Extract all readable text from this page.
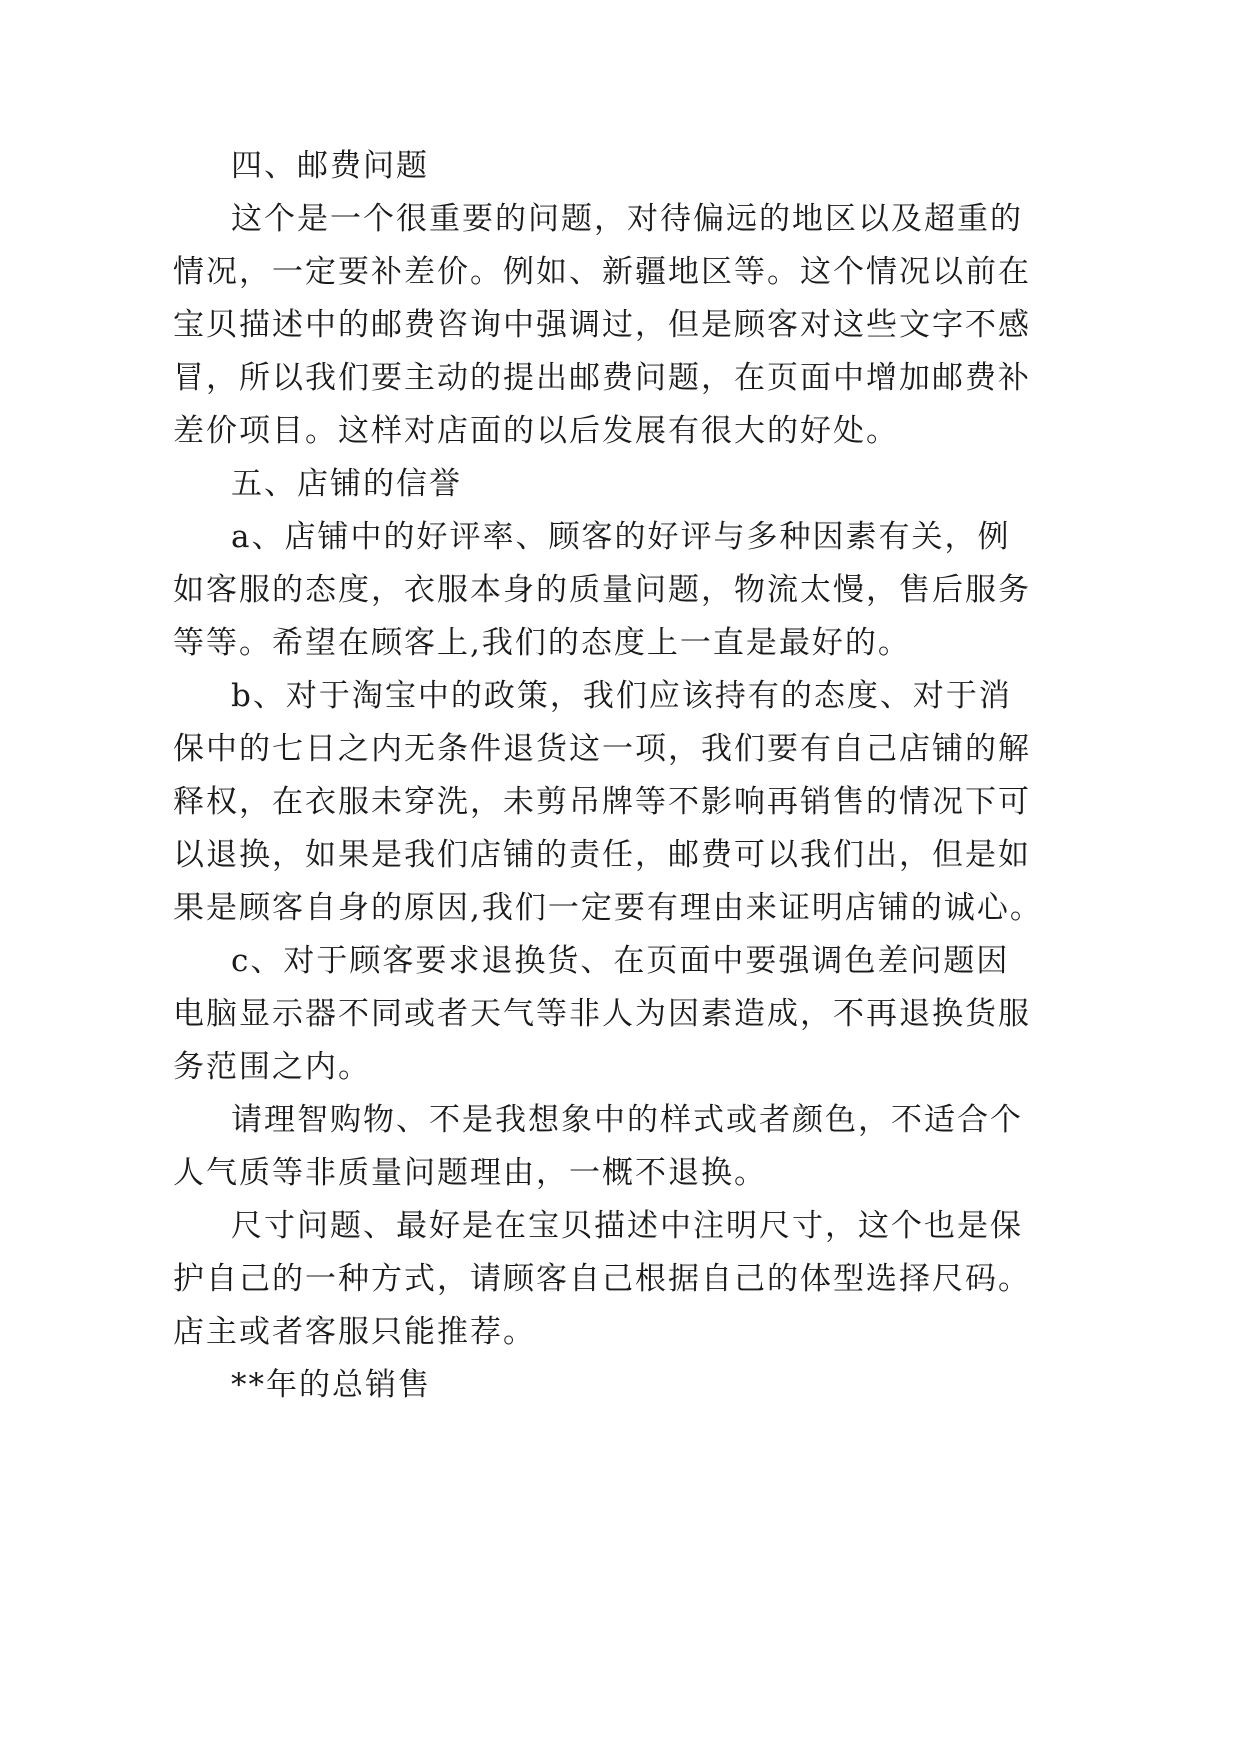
四、邮费问题
这个是一个很重要的问题，对待偏远的地区以及超重的
情况，一定要补差价。例如、新疆地区等。这个情况以前在
宝贝描述中的邮费咨询中强调过，但是顾客对这些文字不感
冒，所以我们要主动的提出邮费问题，在页面中增加邮费补
差价项目。这样对店面的以后发展有很大的好处。
五、店铺的信誉
a、店铺中的好评率、顾客的好评与多种因素有关，例
如客服的态度，衣服本身的质量问题，物流太慢，售后服务
等等。希望在顾客上,我们的态度上一直是最好的。
b、对于淘宝中的政策，我们应该持有的态度、对于消
保中的七日之内无条件退货这一项，我们要有自己店铺的解
释权，在衣服未穿洗，未剪吊牌等不影响再销售的情况下可
以退换，如果是我们店铺的责任，邮费可以我们出，但是如
果是顾客自身的原因,我们一定要有理由来证明店铺的诚心。
c、对于顾客要求退换货、在页面中要强调色差问题因
电脑显示器不同或者天气等非人为因素造成，不再退换货服
务范围之内。
请理智购物、不是我想象中的样式或者颜色，不适合个
人气质等非质量问题理由，一概不退换。
尺寸问题、最好是在宝贝描述中注明尺寸，这个也是保
护自己的一种方式，请顾客自己根据自己的体型选择尺码。
店主或者客服只能推荐。
**年的总销售
